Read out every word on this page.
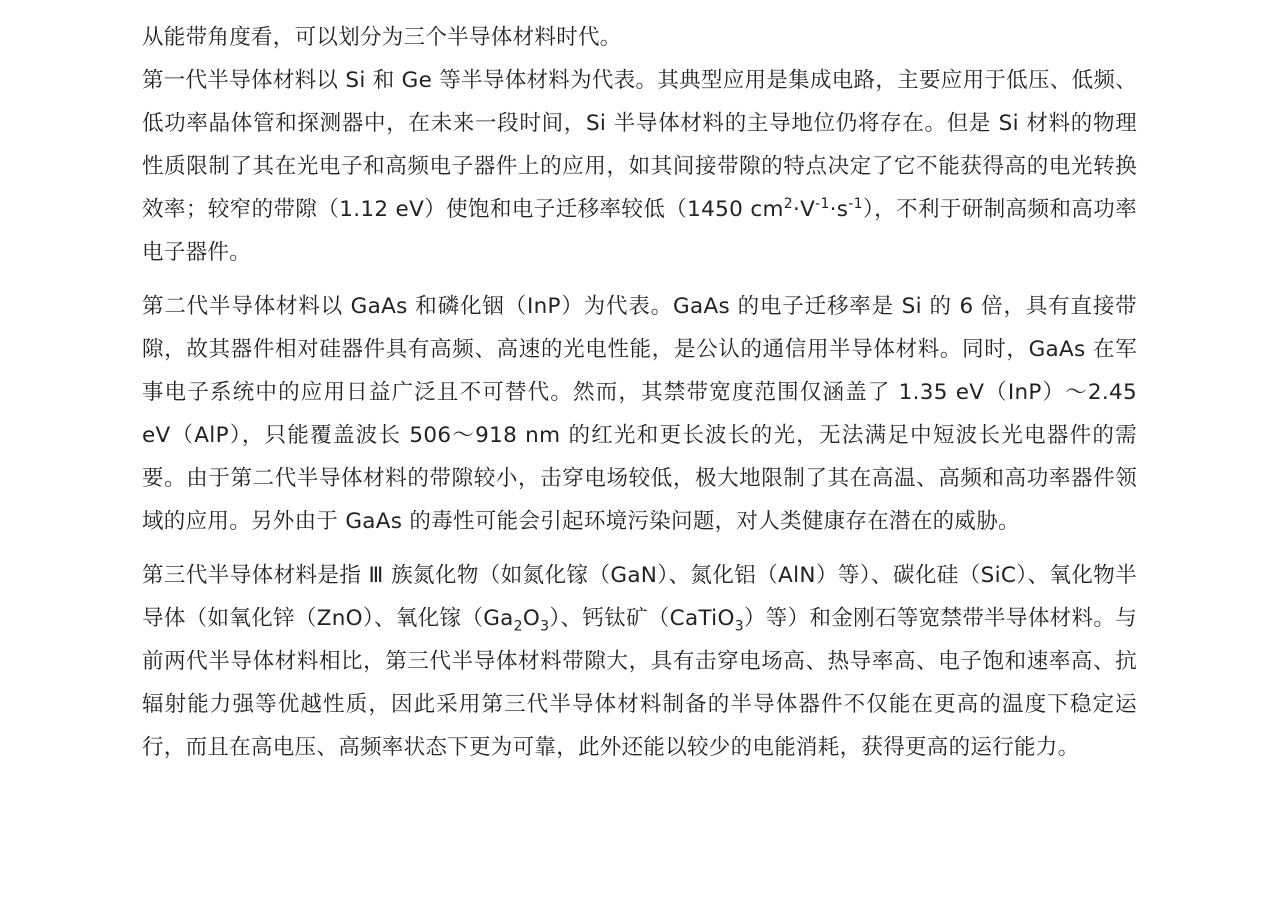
从能带角度看，可以划分为三个半导体材料时代。

第一代半导体材料以 Si 和 Ge 等半导体材料为代表。其典型应用是集成电路，主要应用于低压、低频、低功率晶体管和探测器中，在未来一段时间，Si 半导体材料的主导地位仍将存在。但是 Si 材料的物理性质限制了其在光电子和高频电子器件上的应用，如其间接带隙的特点决定了它不能获得高的电光转换效率；较窄的带隙（1.12 eV）使饱和电子迁移率较低（1450 $cm^2\cdot V^{-1}\cdot s^{-1}$），不利于研制高频和高功率电子器件。

第二代半导体材料以 GaAs 和磷化铟（InP）为代表。GaAs 的电子迁移率是 Si 的 6 倍，具有直接带隙，故其器件相对硅器件具有高频、高速的光电性能，是公认的通信用半导体材料。同时，GaAs 在军事电子系统中的应用日益广泛且不可替代。然而，其禁带宽度范围仅涵盖了 1.35 eV（InP）～2.45 eV（AlP），只能覆盖波长 506～918 nm 的红光和更长波长的光，无法满足中短波长光电器件的需要。由于第二代半导体材料的带隙较小，击穿电场较低，极大地限制了其在高温、高频和高功率器件领域的应用。另外由于 GaAs 的毒性可能会引起环境污染问题，对人类健康存在潜在的威胁。

第三代半导体材料是指 Ⅲ 族氮化物（如氮化镓（GaN）、氮化铝（AlN）等）、碳化硅（SiC）、氧化物半导体（如氧化锌（ZnO）、氧化镓$(Ga_2O_3)$、钙钛矿（CaTiO$_3$）等）和金刚石等宽禁带半导体材料。与前两代半导体材料相比，第三代半导体材料带隙大，具有击穿电场高、热导率高、电子饱和速率高、抗辐射能力强等优越性质，因此采用第三代半导体材料制备的半导体器件不仅能在更高的温度下稳定运行，而且在高电压、高频率状态下更为可靠，此外还能以较少的电能消耗，获得更高的运行能力。
